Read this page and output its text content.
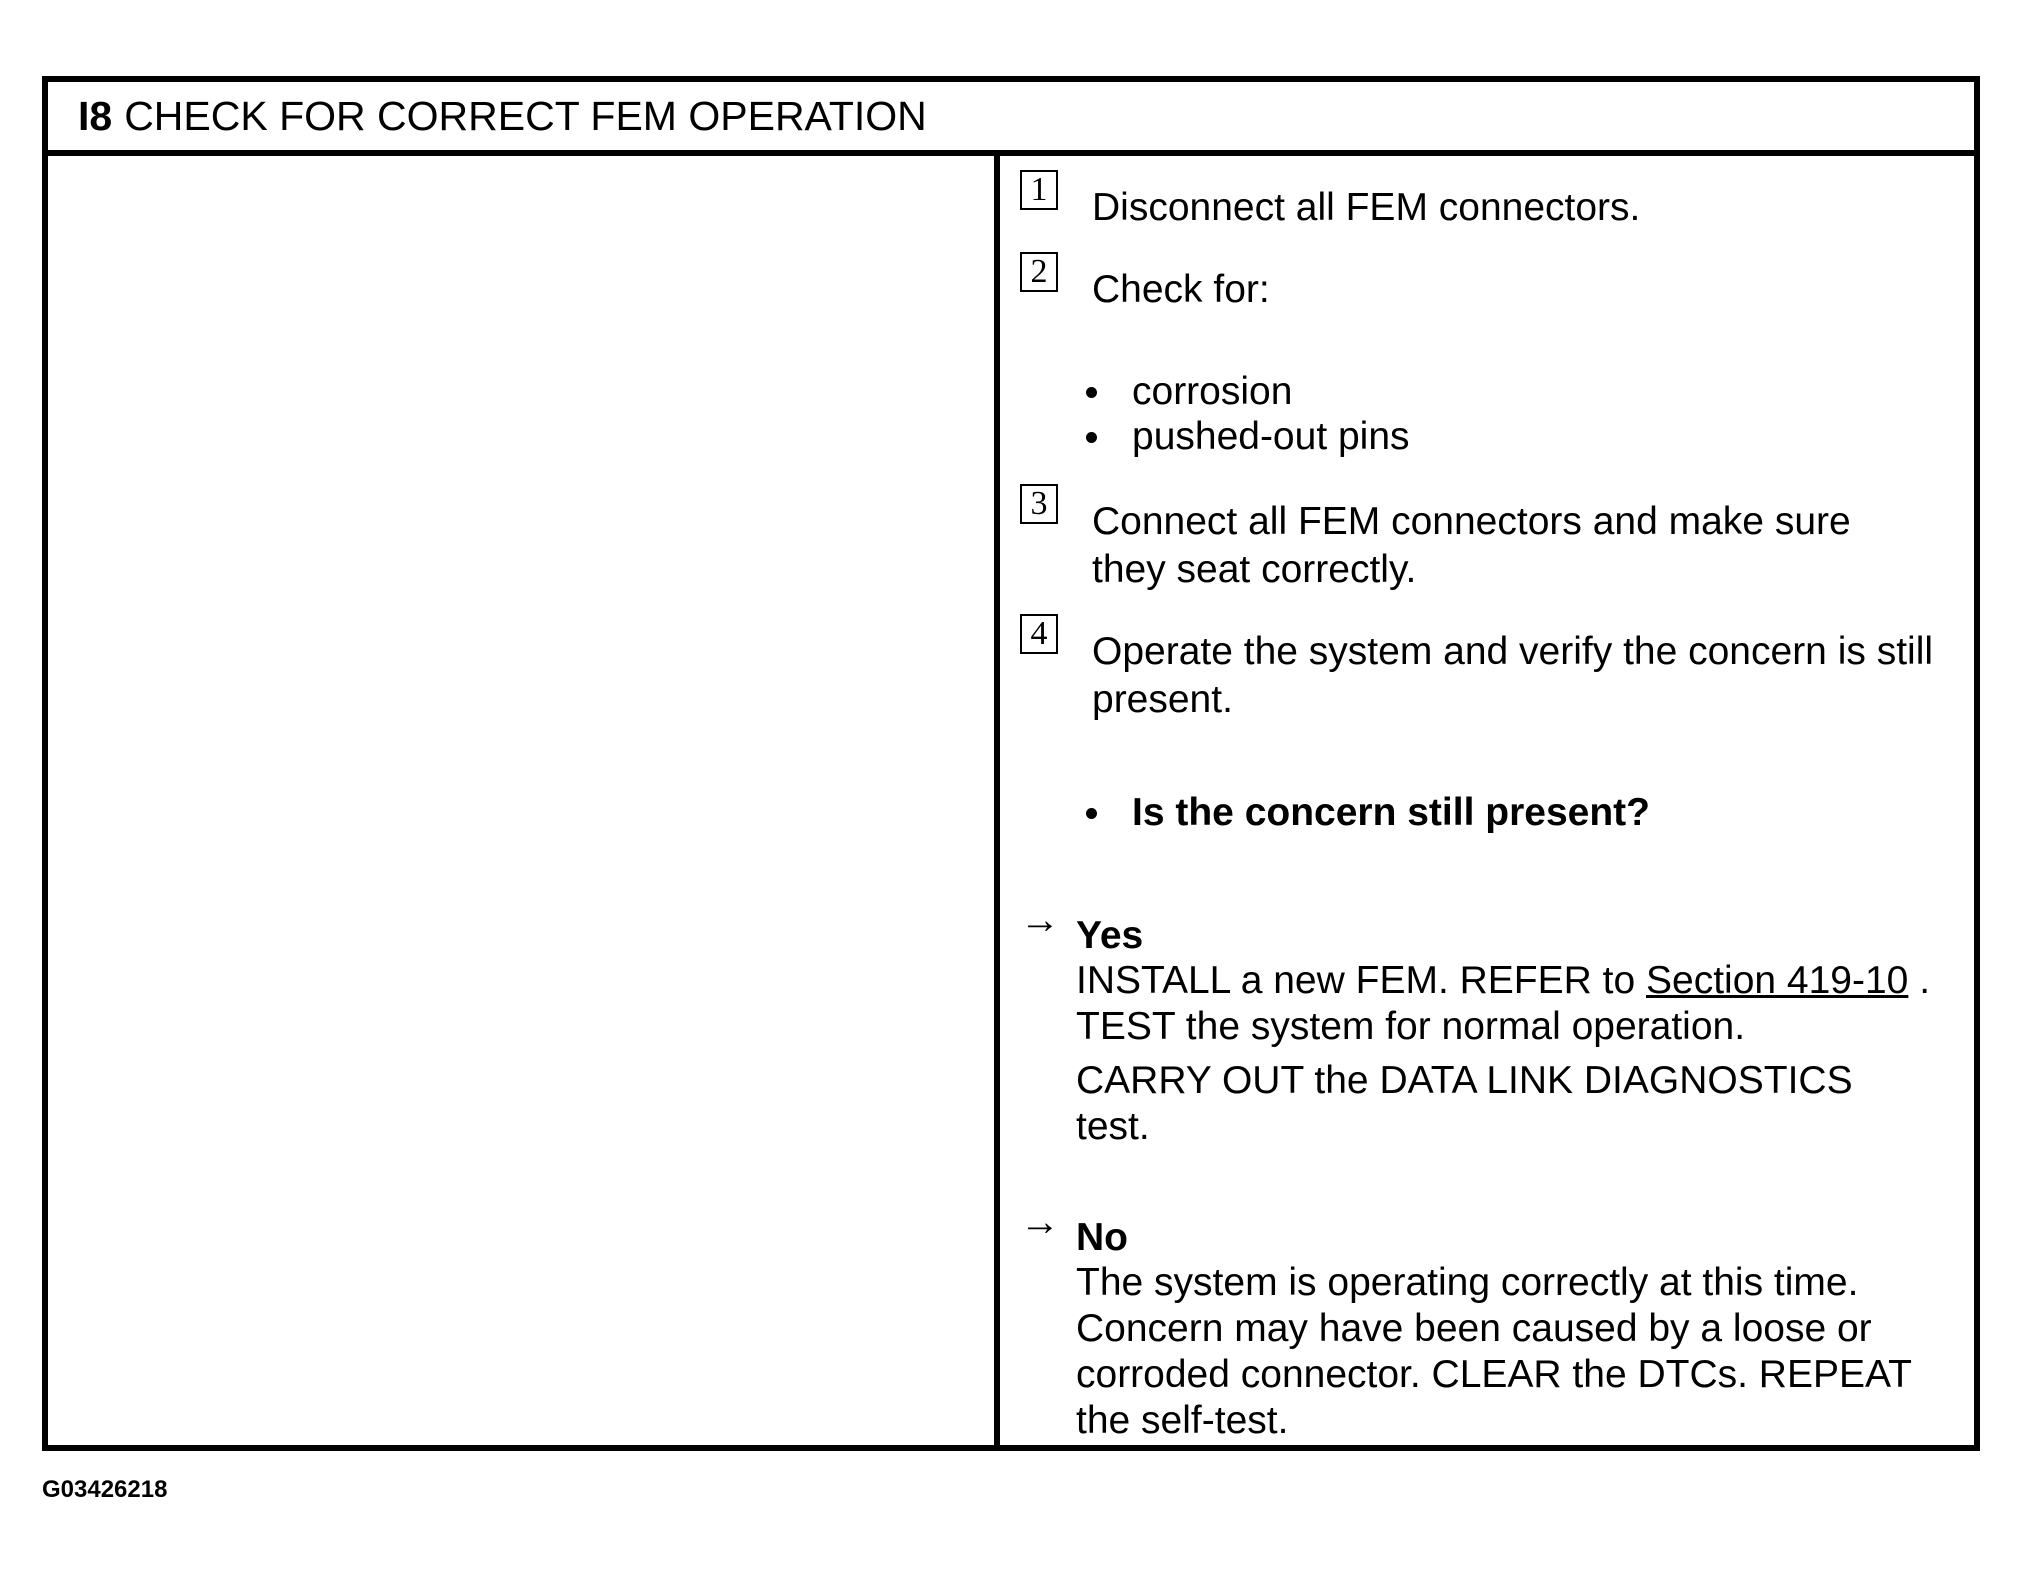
I8 CHECK FOR CORRECT FEM OPERATION
1 Disconnect all FEM connectors.
2 Check for:
corrosion
pushed-out pins
3 Connect all FEM connectors and make sure they seat correctly.
4 Operate the system and verify the concern is still present.
Is the concern still present?
→ Yes

INSTALL a new FEM. REFER to Section 419-10 . TEST the system for normal operation.

CARRY OUT the DATA LINK DIAGNOSTICS test.

→ No

The system is operating correctly at this time. Concern may have been caused by a loose or corroded connector. CLEAR the DTCs. REPEAT the self-test.

G03426218
